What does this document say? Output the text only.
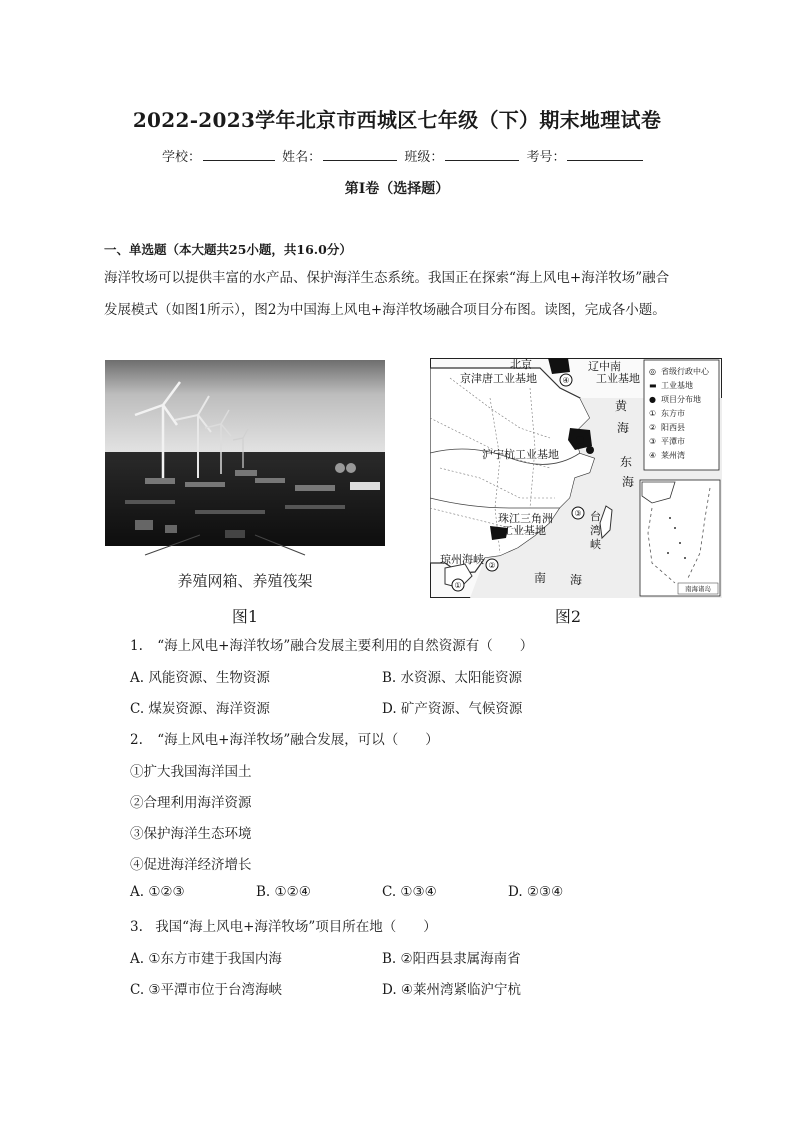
2022-2023学年北京市西城区七年级（下）期末地理试卷
学校：	姓名：	班级：	考号：
第I卷（选择题）
一、单选题（本大题共25小题，共16.0分）
海洋牧场可以提供丰富的水产品、保护海洋生态系统。我国正在探索“海上风电+海洋牧场”融合
发展模式（如图1所示），图2为中国海上风电+海洋牧场融合项目分布图。读图，完成各小题。
养殖网箱、养殖筏架
图1
①
②
③
④
北京	辽中南
工业基地
京津唐工业基地
黄
海
沪宁杭工业基地
东
海
珠江三角洲
工业基地
台
湾
峡
琼州海峡
南 海
◎ 省级行政中心
▬ 工业基地
● 项目分布地
① 东方市
② 阳西县
③ 平潭市
④ 莱州湾
南海诸岛
图2
1. “海上风电+海洋牧场”融合发展主要利用的自然资源有（　　）
A. 风能资源、生物资源	B. 水资源、太阳能资源
C. 煤炭资源、海洋资源	D. 矿产资源、气候资源
2. “海上风电+海洋牧场”融合发展，可以（　　）
①扩大我国海洋国土
②合理利用海洋资源
③保护海洋生态环境
④促进海洋经济增长
A. ①②③	B. ①②④	C. ①③④	D. ②③④
3. 我国“海上风电+海洋牧场”项目所在地（　　）
A. ①东方市建于我国内海	B. ②阳西县隶属海南省
C. ③平潭市位于台湾海峡	D. ④莱州湾紧临沪宁杭
